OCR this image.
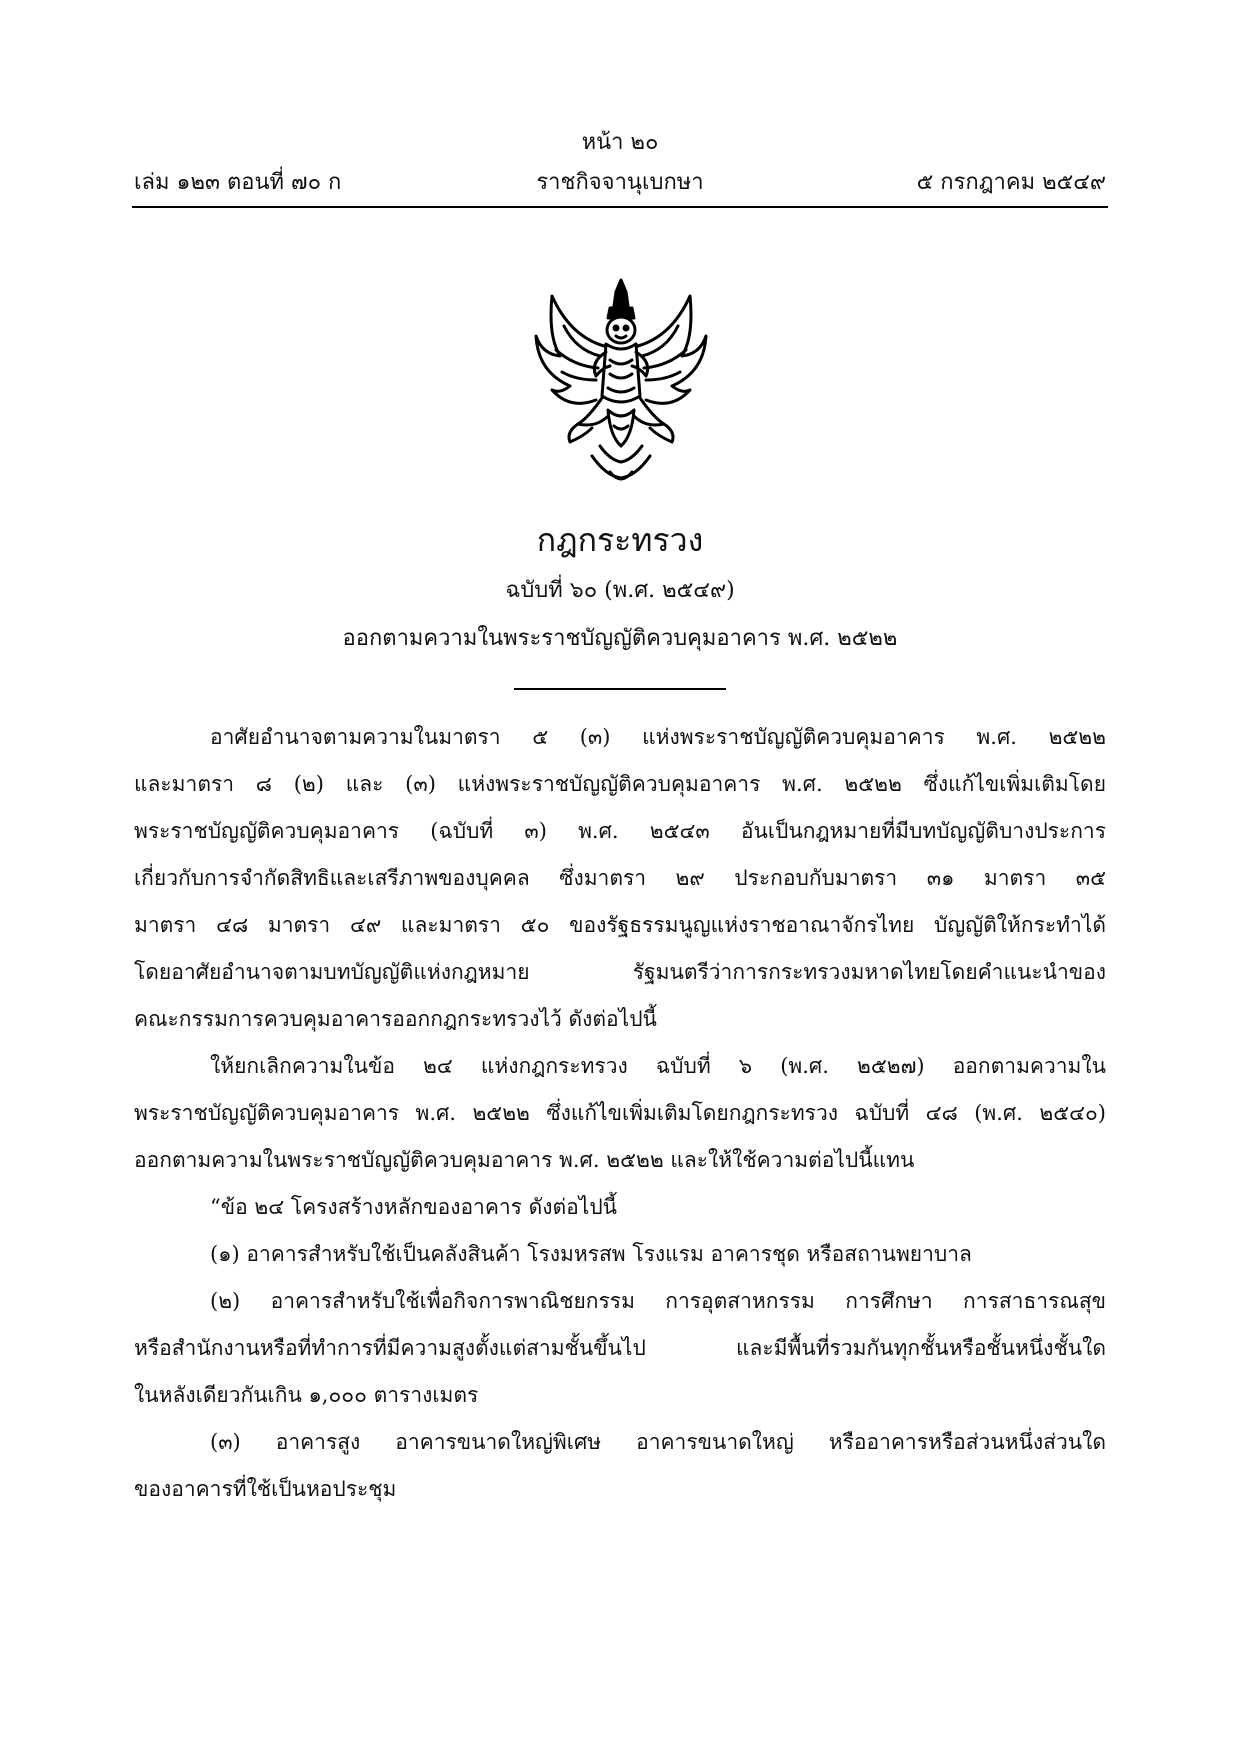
หน้า ๒๐
เล่ม ๑๒๓ ตอนที่ ๗๐ ก	ราชกิจจานุเบกษา	๕ กรกฎาคม ๒๕๔๙
กฎกระทรวง
ฉบับที่ ๖๐ (พ.ศ. ๒๕๔๙)
ออกตามความในพระราชบัญญัติควบคุมอาคาร พ.ศ. ๒๕๒๒
อาศัยอำนาจตามความในมาตรา ๕ (๓) แห่งพระราชบัญญัติควบคุมอาคาร พ.ศ. ๒๕๒๒
และมาตรา ๘ (๒) และ (๓) แห่งพระราชบัญญัติควบคุมอาคาร พ.ศ. ๒๕๒๒ ซึ่งแก้ไขเพิ่มเติมโดย
พระราชบัญญัติควบคุมอาคาร (ฉบับที่ ๓) พ.ศ. ๒๕๔๓ อันเป็นกฎหมายที่มีบทบัญญัติบางประการ
เกี่ยวกับการจำกัดสิทธิและเสรีภาพของบุคคล ซึ่งมาตรา ๒๙ ประกอบกับมาตรา ๓๑ มาตรา ๓๕
มาตรา ๔๘ มาตรา ๔๙ และมาตรา ๕๐ ของรัฐธรรมนูญแห่งราชอาณาจักรไทย บัญญัติให้กระทำได้
โดยอาศัยอำนาจตามบทบัญญัติแห่งกฎหมาย รัฐมนตรีว่าการกระทรวงมหาดไทยโดยคำแนะนำของ
คณะกรรมการควบคุมอาคารออกกฎกระทรวงไว้ ดังต่อไปนี้
ให้ยกเลิกความในข้อ ๒๔ แห่งกฎกระทรวง ฉบับที่ ๖ (พ.ศ. ๒๕๒๗) ออกตามความใน
พระราชบัญญัติควบคุมอาคาร พ.ศ. ๒๕๒๒ ซึ่งแก้ไขเพิ่มเติมโดยกฎกระทรวง ฉบับที่ ๔๘ (พ.ศ. ๒๕๔๐)
ออกตามความในพระราชบัญญัติควบคุมอาคาร พ.ศ. ๒๕๒๒ และให้ใช้ความต่อไปนี้แทน
“ข้อ ๒๔ โครงสร้างหลักของอาคาร ดังต่อไปนี้
(๑) อาคารสำหรับใช้เป็นคลังสินค้า โรงมหรสพ โรงแรม อาคารชุด หรือสถานพยาบาล
(๒) อาคารสำหรับใช้เพื่อกิจการพาณิชยกรรม การอุตสาหกรรม การศึกษา การสาธารณสุข
หรือสำนักงานหรือที่ทำการที่มีความสูงตั้งแต่สามชั้นขึ้นไป และมีพื้นที่รวมกันทุกชั้นหรือชั้นหนึ่งชั้นใด
ในหลังเดียวกันเกิน ๑,๐๐๐ ตารางเมตร
(๓) อาคารสูง อาคารขนาดใหญ่พิเศษ อาคารขนาดใหญ่ หรืออาคารหรือส่วนหนึ่งส่วนใด
ของอาคารที่ใช้เป็นหอประชุม
